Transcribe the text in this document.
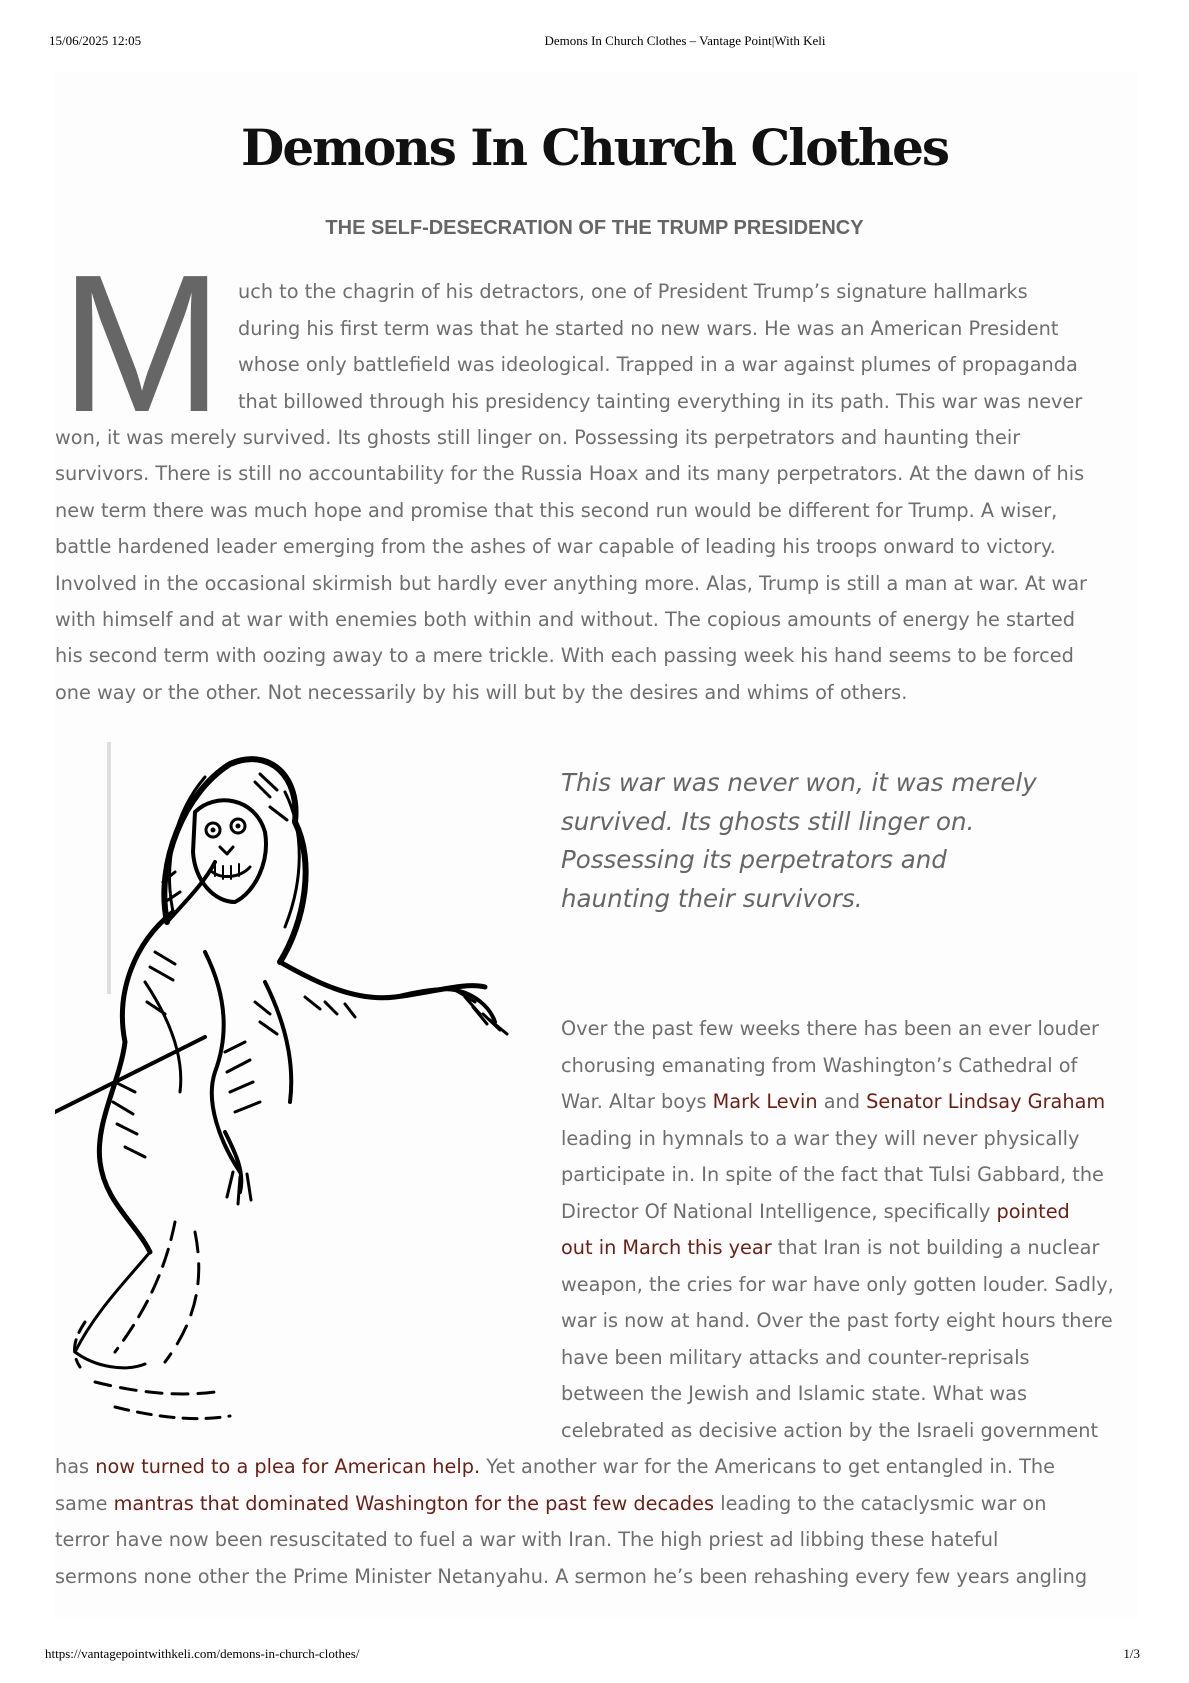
15/06/2025 12:05	Demons In Church Clothes – Vantage Point|With Keli
Demons In Church Clothes
THE SELF-DESECRATION OF THE TRUMP PRESIDENCY
M uch to the chagrin of his detractors, one of President Trump’s signature hallmarks
during his first term was that he started no new wars. He was an American President
whose only battlefield was ideological. Trapped in a war against plumes of propaganda
that billowed through his presidency tainting everything in its path. This war was never
won, it was merely survived. Its ghosts still linger on. Possessing its perpetrators and haunting their
survivors. There is still no accountability for the Russia Hoax and its many perpetrators. At the dawn of his
new term there was much hope and promise that this second run would be different for Trump. A wiser,
battle hardened leader emerging from the ashes of war capable of leading his troops onward to victory.
Involved in the occasional skirmish but hardly ever anything more. Alas, Trump is still a man at war. At war
with himself and at war with enemies both within and without. The copious amounts of energy he started
his second term with oozing away to a mere trickle. With each passing week his hand seems to be forced
one way or the other. Not necessarily by his will but by the desires and whims of others.
This war was never won, it was merely
survived. Its ghosts still linger on.
Possessing its perpetrators and
haunting their survivors.
Over the past few weeks there has been an ever louder
chorusing emanating from Washington’s Cathedral of
War. Altar boys Mark Levin and Senator Lindsay Graham
leading in hymnals to a war they will never physically
participate in. In spite of the fact that Tulsi Gabbard, the
Director Of National Intelligence, specifically pointed
out in March this year that Iran is not building a nuclear
weapon, the cries for war have only gotten louder. Sadly,
war is now at hand. Over the past forty eight hours there
have been military attacks and counter-reprisals
between the Jewish and Islamic state. What was
celebrated as decisive action by the Israeli government
has now turned to a plea for American help. Yet another war for the Americans to get entangled in. The
same mantras that dominated Washington for the past few decades leading to the cataclysmic war on
terror have now been resuscitated to fuel a war with Iran. The high priest ad libbing these hateful
sermons none other the Prime Minister Netanyahu. A sermon he’s been rehashing every few years angling
https://vantagepointwithkeli.com/demons-in-church-clothes/	1/3
